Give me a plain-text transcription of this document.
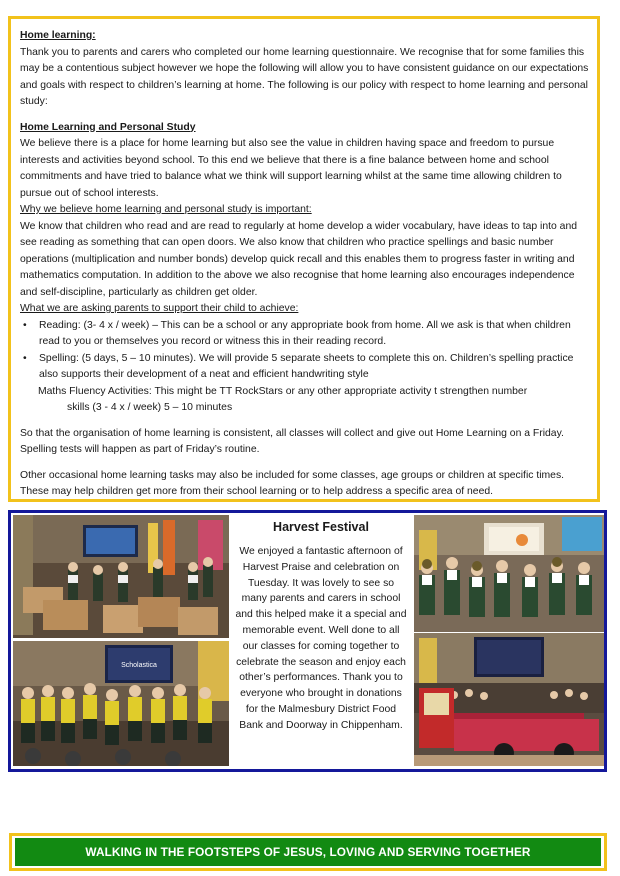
Home learning:

Thank you to parents and carers who completed our home learning questionnaire. We recognise that for some families this may be a contentious subject however we hope the following will allow you to have consistent guidance on our expectations and goals with respect to children’s learning at home. The following is our policy with respect to home learning and personal study:

Home Learning and Personal Study

We believe there is a place for home learning but also see the value in children having space and freedom to pursue interests and activities beyond school. To this end we believe that there is a fine balance between home and school commitments and have tried to balance what we think will support learning whilst at the same time allowing children to pursue out of school interests.

Why we believe home learning and personal study is important:

We know that children who read and are read to regularly at home develop a wider vocabulary, have ideas to tap into and see reading as something that can open doors. We also know that children who practice spellings and basic number operations (multiplication and number bonds) develop quick recall and this enables them to progress faster in writing and mathematics computation. In addition to the above we also recognise that home learning also encourages independence and self-discipline, particularly as children get older.

What we are asking parents to support their child to achieve:

• Reading: (3- 4 x / week) – This can be a school or any appropriate book from home. All we ask is that when children read to you or themselves you record or witness this in their reading record.

• Spelling: (5 days, 5 – 10 minutes). We will provide 5 separate sheets to complete this on. Children’s spelling practice also supports their development of a neat and efficient handwriting style

Maths Fluency Activities: This might be TT RockStars or any other appropriate activity t strengthen number

skills (3 - 4 x / week) 5 – 10 minutes

So that the organisation of home learning is consistent, all classes will collect and give out Home Learning on a Friday. Spelling tests will happen as part of Friday’s routine.

Other occasional home learning tasks may also be included for some classes, age groups or children at specific times. These may help children get more from their school learning or to help address a specific area of need.

Scholastica
Harvest Festival
We enjoyed a fantastic afternoon of Harvest Praise and celebration on Tuesday. It was lovely to see so many parents and carers in school and this helped make it a special and memorable event. Well done to all our classes for coming together to celebrate the season and enjoy each other’s performances. Thank you to everyone who brought in donations for the Malmesbury District Food Bank and Doorway in Chippenham.
WALKING IN THE FOOTSTEPS OF JESUS, LOVING AND SERVING TOGETHER
